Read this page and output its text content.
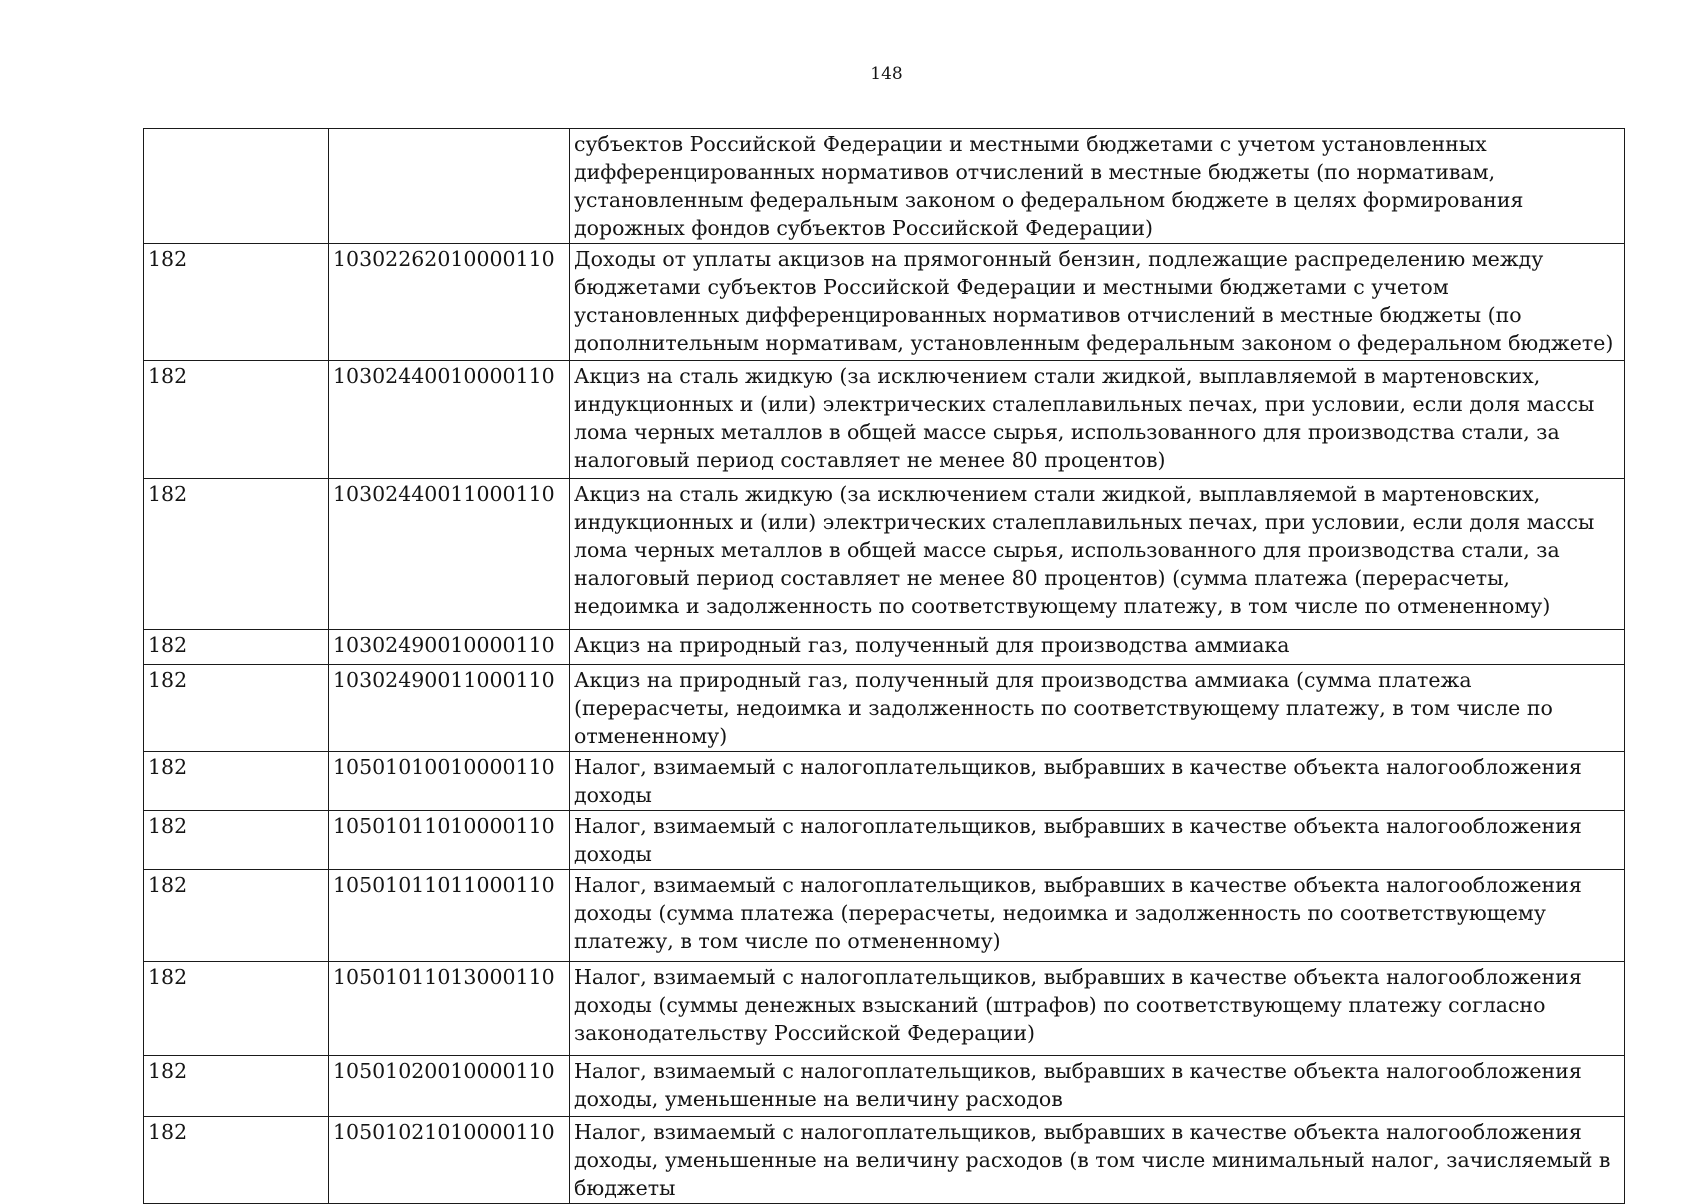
148
		субъектов Российской Федерации и местными бюджетами с учетом установленных дифференцированных нормативов отчислений в местные бюджеты (по нормативам, установленным федеральным законом о федеральном бюджете в целях формирования дорожных фондов субъектов Российской Федерации)
182	10302262010000110	Доходы от уплаты акцизов на прямогонный бензин, подлежащие распределению между бюджетами субъектов Российской Федерации и местными бюджетами с учетом установленных дифференцированных нормативов отчислений в местные бюджеты (по дополнительным нормативам, установленным федеральным законом о федеральном бюджете)
182	10302440010000110	Акциз на сталь жидкую (за исключением стали жидкой, выплавляемой в мартеновских, индукционных и (или) электрических сталеплавильных печах, при условии, если доля массы лома черных металлов в общей массе сырья, использованного для производства стали, за налоговый период составляет не менее 80 процентов)
182	10302440011000110	Акциз на сталь жидкую (за исключением стали жидкой, выплавляемой в мартеновских, индукционных и (или) электрических сталеплавильных печах, при условии, если доля массы лома черных металлов в общей массе сырья, использованного для производства стали, за налоговый период составляет не менее 80 процентов) (сумма платежа (перерасчеты, недоимка и задолженность по соответствующему платежу, в том числе по отмененному)
182	10302490010000110	Акциз на природный газ, полученный для производства аммиака
182	10302490011000110	Акциз на природный газ, полученный для производства аммиака (сумма платежа (перерасчеты, недоимка и задолженность по соответствующему платежу, в том числе по отмененному)
182	10501010010000110	Налог, взимаемый с налогоплательщиков, выбравших в качестве объекта налогообложения доходы
182	10501011010000110	Налог, взимаемый с налогоплательщиков, выбравших в качестве объекта налогообложения доходы
182	10501011011000110	Налог, взимаемый с налогоплательщиков, выбравших в качестве объекта налогообложения доходы (сумма платежа (перерасчеты, недоимка и задолженность по соответствующему платежу, в том числе по отмененному)
182	10501011013000110	Налог, взимаемый с налогоплательщиков, выбравших в качестве объекта налогообложения доходы (суммы денежных взысканий (штрафов) по соответствующему платежу согласно законодательству Российской Федерации)
182	10501020010000110	Налог, взимаемый с налогоплательщиков, выбравших в качестве объекта налогообложения доходы, уменьшенные на величину расходов
182	10501021010000110	Налог, взимаемый с налогоплательщиков, выбравших в качестве объекта налогообложения доходы, уменьшенные на величину расходов (в том числе минимальный налог, зачисляемый в бюджеты
